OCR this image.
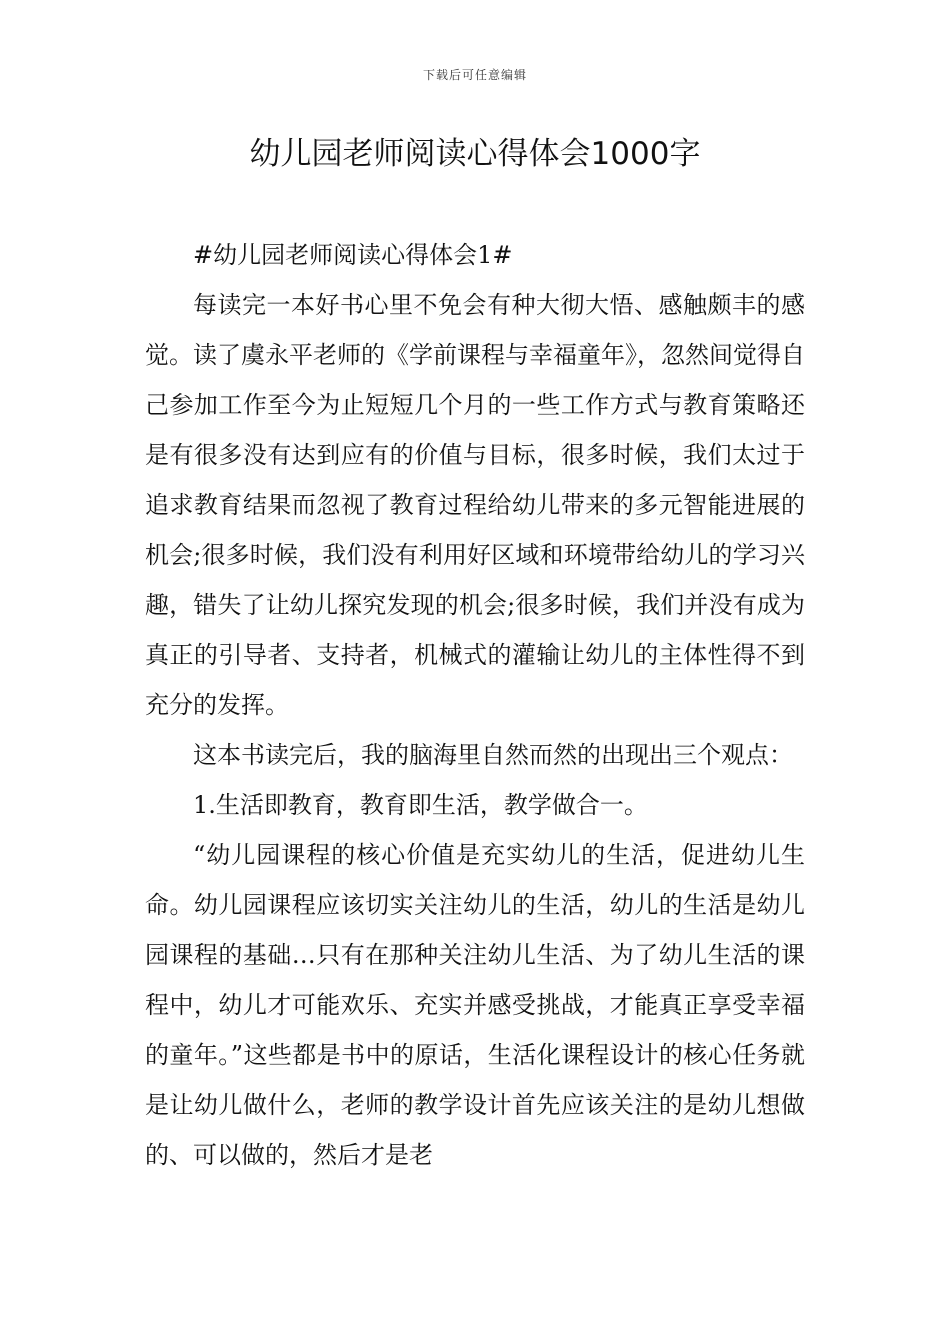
下载后可任意编辑
幼儿园老师阅读心得体会1000字

#幼儿园老师阅读心得体会1#

每读完一本好书心里不免会有种大彻大悟、感触颇丰的感觉。读了虞永平老师的《学前课程与幸福童年》，忽然间觉得自己参加工作至今为止短短几个月的一些工作方式与教育策略还是有很多没有达到应有的价值与目标，很多时候，我们太过于追求教育结果而忽视了教育过程给幼儿带来的多元智能进展的机会;很多时候，我们没有利用好区域和环境带给幼儿的学习兴趣，错失了让幼儿探究发现的机会;很多时候，我们并没有成为真正的引导者、支持者，机械式的灌输让幼儿的主体性得不到充分的发挥。

这本书读完后，我的脑海里自然而然的出现出三个观点：

1.生活即教育，教育即生活，教学做合一。

“幼儿园课程的核心价值是充实幼儿的生活，促进幼儿生命。幼儿园课程应该切实关注幼儿的生活，幼儿的生活是幼儿园课程的基础…只有在那种关注幼儿生活、为了幼儿生活的课程中，幼儿才可能欢乐、充实并感受挑战，才能真正享受幸福的童年。”这些都是书中的原话，生活化课程设计的核心任务就是让幼儿做什么，老师的教学设计首先应该关注的是幼儿想做的、可以做的，然后才是老
